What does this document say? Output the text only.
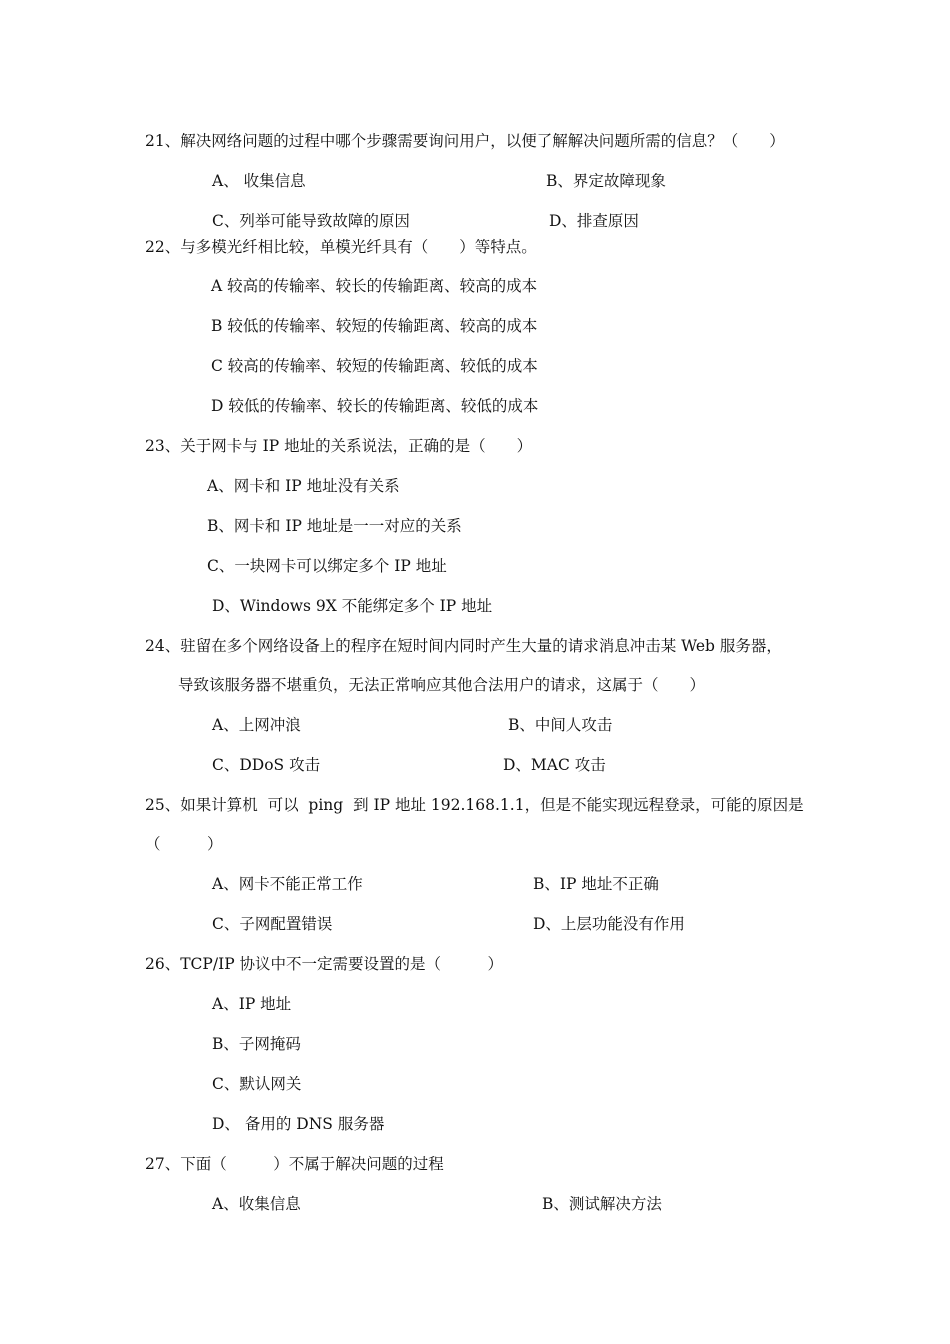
21、解决网络问题的过程中哪个步骤需要询问用户，以便了解解决问题所需的信息？（　　）
A、 收集信息	B、界定故障现象
C、列举可能导致故障的原因	D、排查原因
22、与多模光纤相比较，单模光纤具有（　　）等特点。
A 较高的传输率、较长的传输距离、较高的成本
B 较低的传输率、较短的传输距离、较高的成本
C 较高的传输率、较短的传输距离、较低的成本
D 较低的传输率、较长的传输距离、较低的成本
23、关于网卡与 IP 地址的关系说法，正确的是（　　）
A、网卡和 IP 地址没有关系
B、网卡和 IP 地址是一一对应的关系
C、一块网卡可以绑定多个 IP 地址
D、Windows 9X 不能绑定多个 IP 地址
24、驻留在多个网络设备上的程序在短时间内同时产生大量的请求消息冲击某 Web 服务器，
导致该服务器不堪重负，无法正常响应其他合法用户的请求，这属于（　　）
A、上网冲浪	B、中间人攻击
C、DDoS 攻击	D、MAC 攻击
25、如果计算机  可以  ping  到 IP 地址 192.168.1.1，但是不能实现远程登录，可能的原因是
（　　　）
A、网卡不能正常工作	B、IP 地址不正确
C、子网配置错误	D、上层功能没有作用
26、TCP/IP 协议中不一定需要设置的是（　　　）
A、IP 地址
B、子网掩码
C、默认网关
D、 备用的 DNS 服务器
27、下面（　　　）不属于解决问题的过程
A、收集信息	B、测试解决方法
